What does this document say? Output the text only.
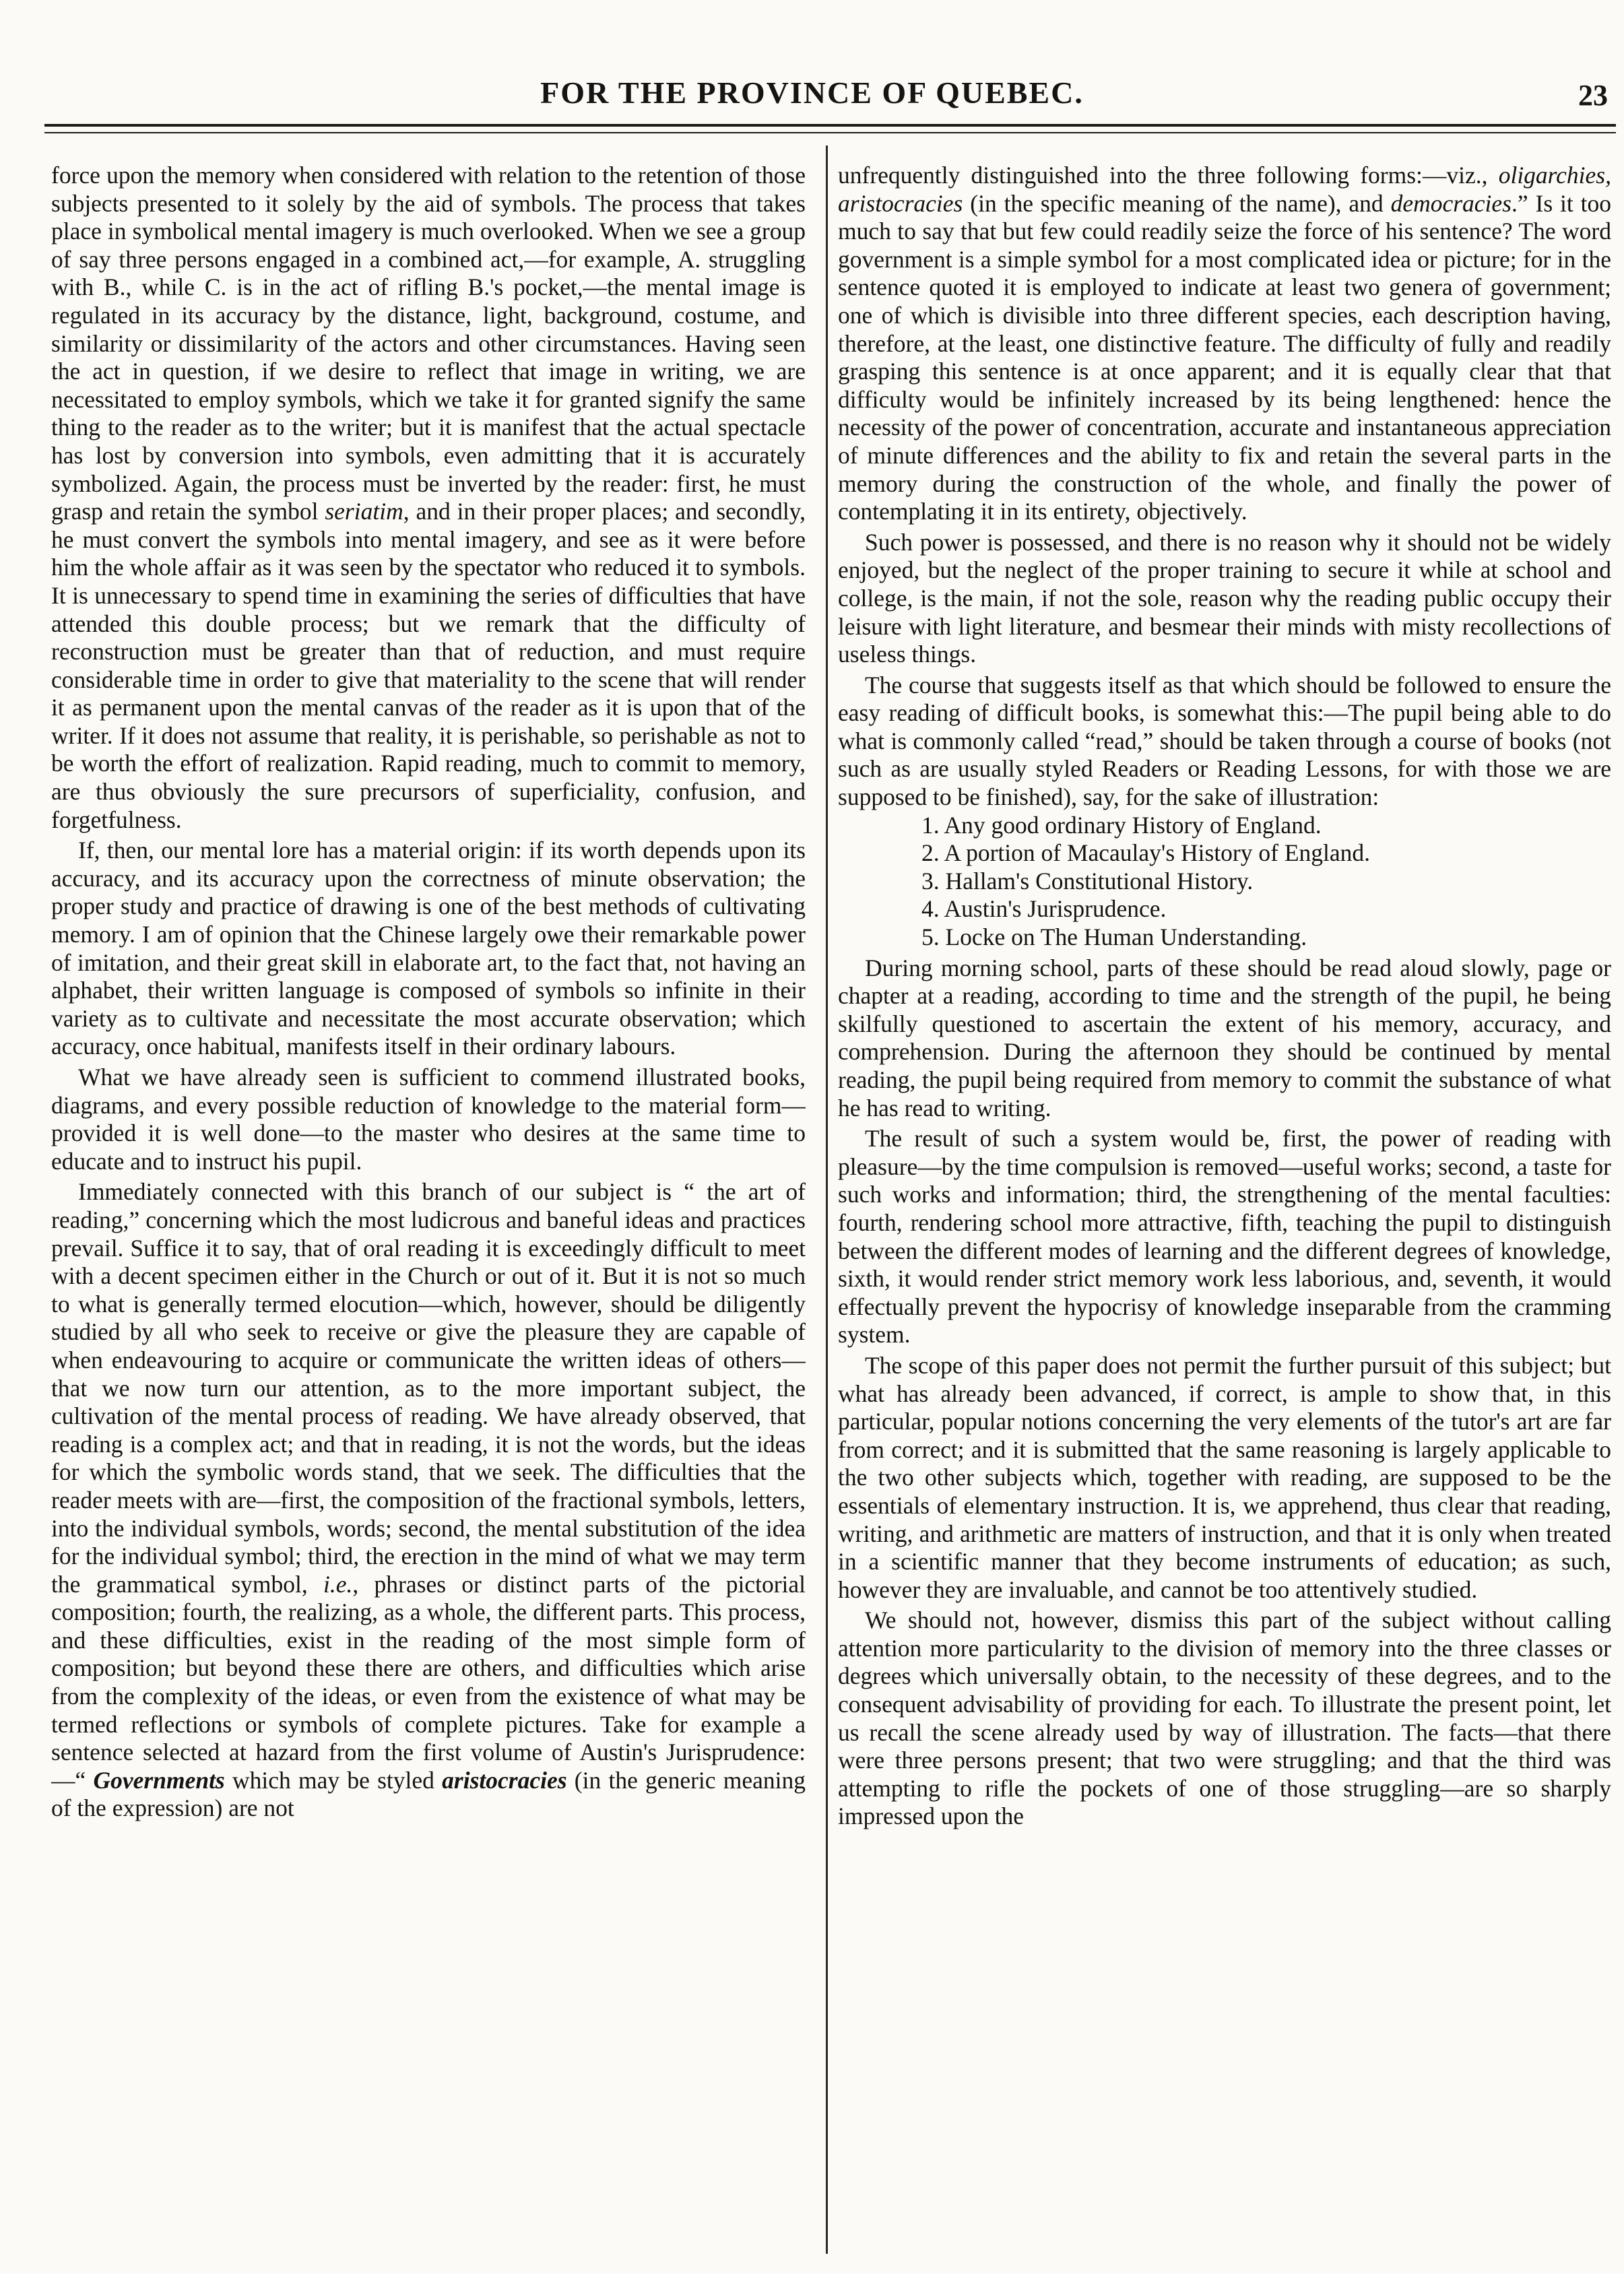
FOR THE PROVINCE OF QUEBEC.	23

force upon the memory when considered with relation to the retention of those subjects presented to it solely by the aid of symbols. The process that takes place in symbolical mental imagery is much overlooked. When we see a group of say three persons engaged in a combined act,—for example, A. struggling with B., while C. is in the act of rifling B.'s pocket,—the mental image is regulated in its accuracy by the distance, light, background, costume, and similarity or dissimilarity of the actors and other circumstances. Having seen the act in question, if we desire to reflect that image in writing, we are necessitated to employ symbols, which we take it for granted signify the same thing to the reader as to the writer; but it is manifest that the actual spectacle has lost by conversion into symbols, even admitting that it is accurately symbolized. Again, the process must be inverted by the reader: first, he must grasp and retain the symbol seriatim, and in their proper places; and secondly, he must convert the symbols into mental imagery, and see as it were before him the whole affair as it was seen by the spectator who reduced it to symbols. It is unnecessary to spend time in examining the series of difficulties that have attended this double process; but we remark that the difficulty of reconstruction must be greater than that of reduction, and must require considerable time in order to give that materiality to the scene that will render it as permanent upon the mental canvas of the reader as it is upon that of the writer. If it does not assume that reality, it is perishable, so perishable as not to be worth the effort of realization. Rapid reading, much to commit to memory, are thus obviously the sure precursors of superficiality, confusion, and forgetfulness.

If, then, our mental lore has a material origin: if its worth depends upon its accuracy, and its accuracy upon the correctness of minute observation; the proper study and practice of drawing is one of the best methods of cultivating memory. I am of opinion that the Chinese largely owe their remarkable power of imitation, and their great skill in elaborate art, to the fact that, not having an alphabet, their written language is composed of symbols so infinite in their variety as to cultivate and necessitate the most accurate observation; which accuracy, once habitual, manifests itself in their ordinary labours.

What we have already seen is sufficient to commend illustrated books, diagrams, and every possible reduction of knowledge to the material form—provided it is well done—to the master who desires at the same time to educate and to instruct his pupil.

Immediately connected with this branch of our subject is “ the art of reading,” concerning which the most ludicrous and baneful ideas and practices prevail. Suffice it to say, that of oral reading it is exceedingly difficult to meet with a decent specimen either in the Church or out of it. But it is not so much to what is generally termed elocution—which, however, should be diligently studied by all who seek to receive or give the pleasure they are capable of when endeavouring to acquire or communicate the written ideas of others—that we now turn our attention, as to the more important subject, the cultivation of the mental process of reading. We have already observed, that reading is a complex act; and that in reading, it is not the words, but the ideas for which the symbolic words stand, that we seek. The difficulties that the reader meets with are—first, the composition of the fractional symbols, letters, into the individual symbols, words; second, the mental substitution of the idea for the individual symbol; third, the erection in the mind of what we may term the grammatical symbol, i.e., phrases or distinct parts of the pictorial composition; fourth, the realizing, as a whole, the different parts. This process, and these difficulties, exist in the reading of the most simple form of composition; but beyond these there are others, and difficulties which arise from the complexity of the ideas, or even from the existence of what may be termed reflections or symbols of complete pictures. Take for example a sentence selected at hazard from the first volume of Austin's Jurisprudence:—“ Governments which may be styled aristocracies (in the generic meaning of the expression) are not

unfrequently distinguished into the three following forms:—viz., oligarchies, aristocracies (in the specific meaning of the name), and democracies.” Is it too much to say that but few could readily seize the force of his sentence? The word government is a simple symbol for a most complicated idea or picture; for in the sentence quoted it is employed to indicate at least two genera of government; one of which is divisible into three different species, each description having, therefore, at the least, one distinctive feature. The difficulty of fully and readily grasping this sentence is at once apparent; and it is equally clear that that difficulty would be infinitely increased by its being lengthened: hence the necessity of the power of concentration, accurate and instantaneous appreciation of minute differences and the ability to fix and retain the several parts in the memory during the construction of the whole, and finally the power of contemplating it in its entirety, objectively.

Such power is possessed, and there is no reason why it should not be widely enjoyed, but the neglect of the proper training to secure it while at school and college, is the main, if not the sole, reason why the reading public occupy their leisure with light literature, and besmear their minds with misty recollections of useless things.

The course that suggests itself as that which should be followed to ensure the easy reading of difficult books, is somewhat this:—The pupil being able to do what is commonly called “read,” should be taken through a course of books (not such as are usually styled Readers or Reading Lessons, for with those we are supposed to be finished), say, for the sake of illustration:

1. Any good ordinary History of England.
2. A portion of Macaulay's History of England.
3. Hallam's Constitutional History.
4. Austin's Jurisprudence.
5. Locke on The Human Understanding.

During morning school, parts of these should be read aloud slowly, page or chapter at a reading, according to time and the strength of the pupil, he being skilfully questioned to ascertain the extent of his memory, accuracy, and comprehension. During the afternoon they should be continued by mental reading, the pupil being required from memory to commit the substance of what he has read to writing.

The result of such a system would be, first, the power of reading with pleasure—by the time compulsion is removed—useful works; second, a taste for such works and information; third, the strengthening of the mental faculties: fourth, rendering school more attractive, fifth, teaching the pupil to distinguish between the different modes of learning and the different degrees of knowledge, sixth, it would render strict memory work less laborious, and, seventh, it would effectually prevent the hypocrisy of knowledge inseparable from the cramming system.

The scope of this paper does not permit the further pursuit of this subject; but what has already been advanced, if correct, is ample to show that, in this particular, popular notions concerning the very elements of the tutor's art are far from correct; and it is submitted that the same reasoning is largely applicable to the two other subjects which, together with reading, are supposed to be the essentials of elementary instruction. It is, we apprehend, thus clear that reading, writing, and arithmetic are matters of instruction, and that it is only when treated in a scientific manner that they become instruments of education; as such, however they are invaluable, and cannot be too attentively studied.

We should not, however, dismiss this part of the subject without calling attention more particularity to the division of memory into the three classes or degrees which universally obtain, to the necessity of these degrees, and to the consequent advisability of providing for each. To illustrate the present point, let us recall the scene already used by way of illustration. The facts—that there were three persons present; that two were struggling; and that the third was attempting to rifle the pockets of one of those struggling—are so sharply impressed upon the
